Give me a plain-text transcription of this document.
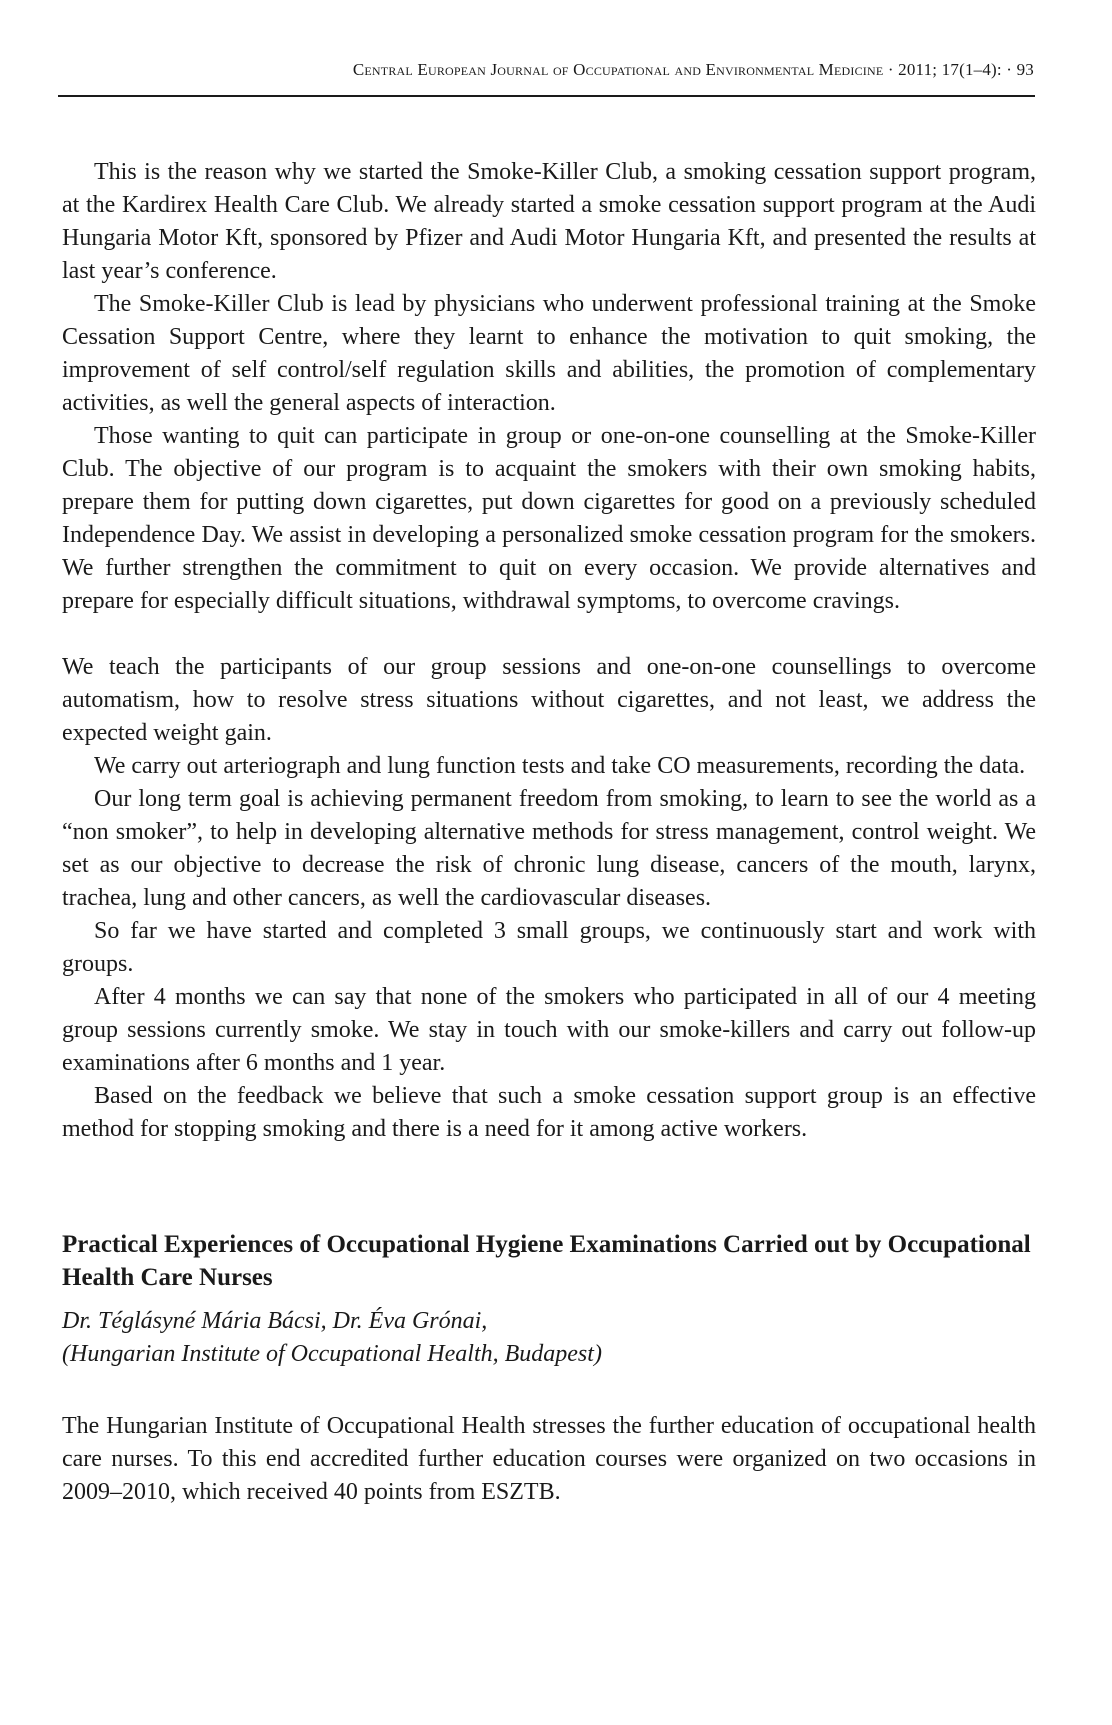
Central European Journal of Occupational and Environmental Medicine · 2011; 17(1–4): · 93

This is the reason why we started the Smoke-Killer Club, a smoking cessation support program, at the Kardirex Health Care Club. We already started a smoke cessation support program at the Audi Hungaria Motor Kft, sponsored by Pfizer and Audi Motor Hungaria Kft, and presented the results at last year’s conference.

The Smoke-Killer Club is lead by physicians who underwent professional training at the Smoke Cessation Support Centre, where they learnt to enhance the motivation to quit smoking, the improvement of self control/self regulation skills and abilities, the promotion of complementary activities, as well the general aspects of interaction.

Those wanting to quit can participate in group or one-on-one counselling at the Smoke-Killer Club. The objective of our program is to acquaint the smokers with their own smoking habits, prepare them for putting down cigarettes, put down cigarettes for good on a previously scheduled Independence Day. We assist in developing a personalized smoke cessation program for the smokers. We further strengthen the commitment to quit on every occasion. We provide alternatives and prepare for especially difficult situations, withdrawal symptoms, to overcome cravings.

We teach the participants of our group sessions and one-on-one counsellings to overcome automatism, how to resolve stress situations without cigarettes, and not least, we address the expected weight gain.

We carry out arteriograph and lung function tests and take CO measurements, recording the data.

Our long term goal is achieving permanent freedom from smoking, to learn to see the world as a “non smoker”, to help in developing alternative methods for stress management, control weight. We set as our objective to decrease the risk of chronic lung disease, cancers of the mouth, larynx, trachea, lung and other cancers, as well the cardiovascular diseases.

So far we have started and completed 3 small groups, we continuously start and work with groups.

After 4 months we can say that none of the smokers who participated in all of our 4 meeting group sessions currently smoke. We stay in touch with our smoke-killers and carry out follow-up examinations after 6 months and 1 year.

Based on the feedback we believe that such a smoke cessation support group is an effective method for stopping smoking and there is a need for it among active workers.

Practical Experiences of Occupational Hygiene Examinations Carried out by Occupational Health Care Nurses
Dr. Téglásyné Mária Bácsi, Dr. Éva Grónai,
(Hungarian Institute of Occupational Health, Budapest)

The Hungarian Institute of Occupational Health stresses the further education of occupational health care nurses. To this end accredited further education courses were organized on two occasions in 2009–2010, which received 40 points from ESZTB.
